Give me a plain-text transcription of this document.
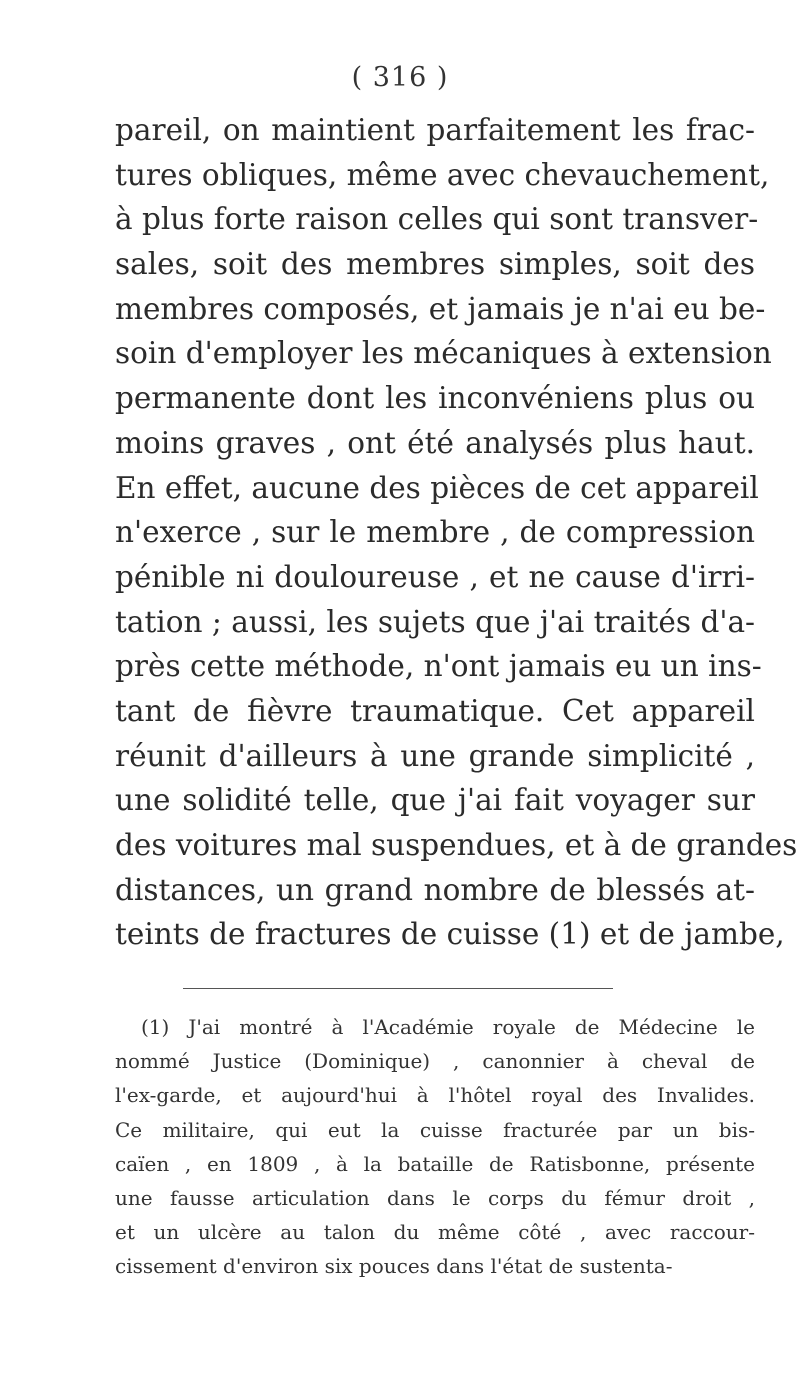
( 316 )
pareil, on maintient parfaitement les frac-
tures obliques, même avec chevauchement,
à plus forte raison celles qui sont transver-
sales, soit des membres simples, soit des
membres composés, et jamais je n'ai eu be-
soin d'employer les mécaniques à extension
permanente dont les inconvéniens plus ou
moins graves , ont été analysés plus haut.
En effet, aucune des pièces de cet appareil
n'exerce , sur le membre , de compression
pénible ni douloureuse , et ne cause d'irri-
tation ; aussi, les sujets que j'ai traités d'a-
près cette méthode, n'ont jamais eu un ins-
tant de fièvre traumatique. Cet appareil
réunit d'ailleurs à une grande simplicité ,
une solidité telle, que j'ai fait voyager sur
des voitures mal suspendues, et à de grandes
distances, un grand nombre de blessés at-
teints de fractures de cuisse (1) et de jambe,
(1) J'ai montré à l'Académie royale de Médecine le
nommé Justice (Dominique) , canonnier à cheval de
l'ex-garde, et aujourd'hui à l'hôtel royal des Invalides.
Ce militaire, qui eut la cuisse fracturée par un bis-
caïen , en 1809 , à la bataille de Ratisbonne, présente
une fausse articulation dans le corps du fémur droit ,
et un ulcère au talon du même côté , avec raccour-
cissement d'environ six pouces dans l'état de sustenta-
